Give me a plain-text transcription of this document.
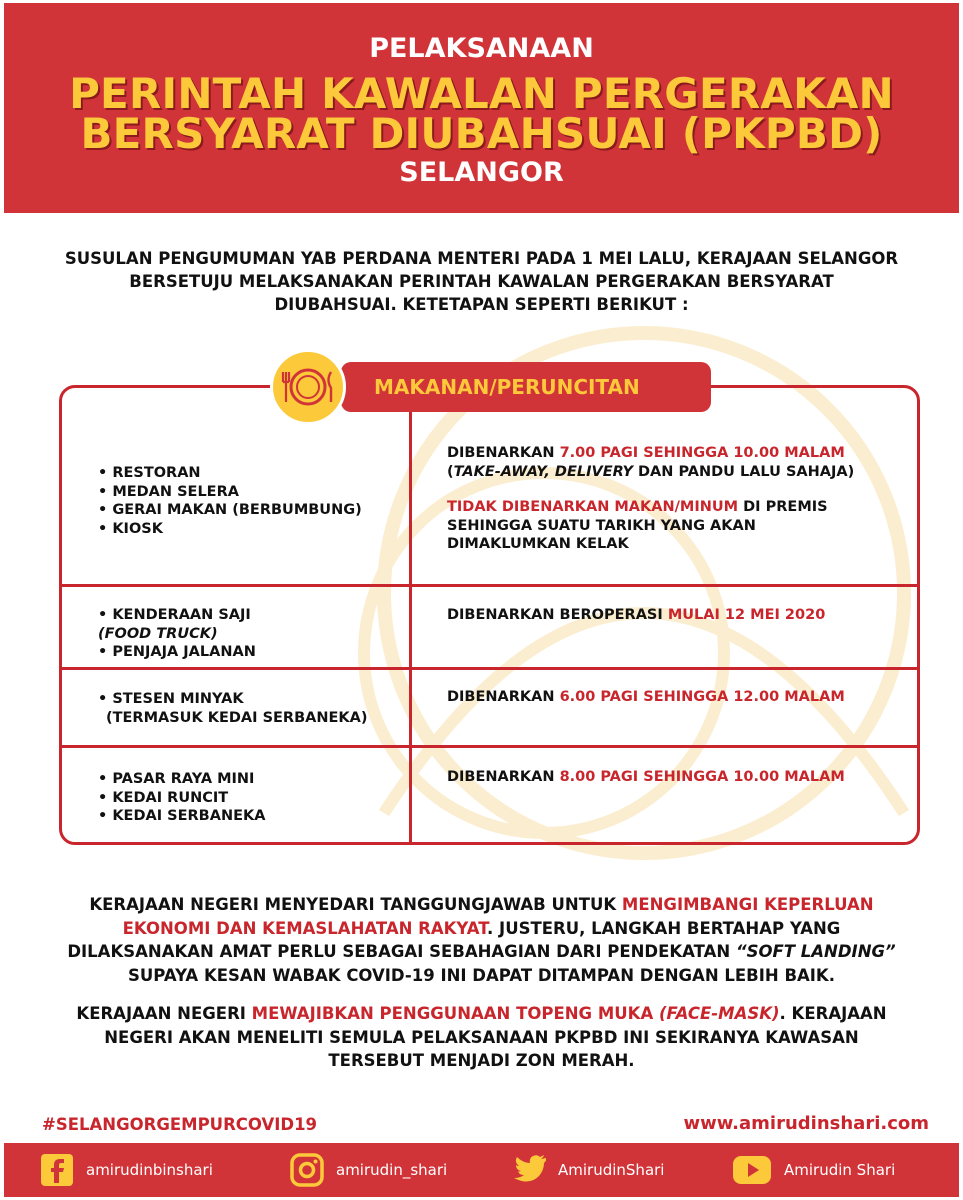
PELAKSANAAN
PERINTAH KAWALAN PERGERAKAN
BERSYARAT DIUBAHSUAI (PKPBD)
SELANGOR
SUSULAN PENGUMUMAN YAB PERDANA MENTERI PADA 1 MEI LALU, KERAJAAN SELANGOR
BERSETUJU MELAKSANAKAN PERINTAH KAWALAN PERGERAKAN BERSYARAT
DIUBAHSUAI. KETETAPAN SEPERTI BERIKUT :
• RESTORAN
• MEDAN SELERA
• GERAI MAKAN (BERBUMBUNG)
• KIOSK
DIBENARKAN 7.00 PAGI SEHINGGA 10.00 MALAM
(TAKE-AWAY, DELIVERY DAN PANDU LALU SAHAJA)
TIDAK DIBENARKAN MAKAN/MINUM DI PREMIS
SEHINGGA SUATU TARIKH YANG AKAN
DIMAKLUMKAN KELAK
• KENDERAAN SAJI
(FOOD TRUCK)
• PENJAJA JALANAN
DIBENARKAN BEROPERASI MULAI 12 MEI 2020
• STESEN MINYAK
(TERMASUK KEDAI SERBANEKA)
DIBENARKAN 6.00 PAGI SEHINGGA 12.00 MALAM
• PASAR RAYA MINI
• KEDAI RUNCIT
• KEDAI SERBANEKA
DIBENARKAN 8.00 PAGI SEHINGGA 10.00 MALAM
MAKANAN/PERUNCITAN
KERAJAAN NEGERI MENYEDARI TANGGUNGJAWAB UNTUK MENGIMBANGI KEPERLUAN
EKONOMI DAN KEMASLAHATAN RAKYAT. JUSTERU, LANGKAH BERTAHAP YANG
DILAKSANAKAN AMAT PERLU SEBAGAI SEBAHAGIAN DARI PENDEKATAN “SOFT LANDING”
SUPAYA KESAN WABAK COVID-19 INI DAPAT DITAMPAN DENGAN LEBIH BAIK.
KERAJAAN NEGERI MEWAJIBKAN PENGGUNAAN TOPENG MUKA (FACE-MASK). KERAJAAN
NEGERI AKAN MENELITI SEMULA PELAKSANAAN PKPBD INI SEKIRANYA KAWASAN
TERSEBUT MENJADI ZON MERAH.
#SELANGORGEMPURCOVID19	www.amirudinshari.com
amirudinbinshari	amirudin_shari	AmirudinShari	Amirudin Shari
